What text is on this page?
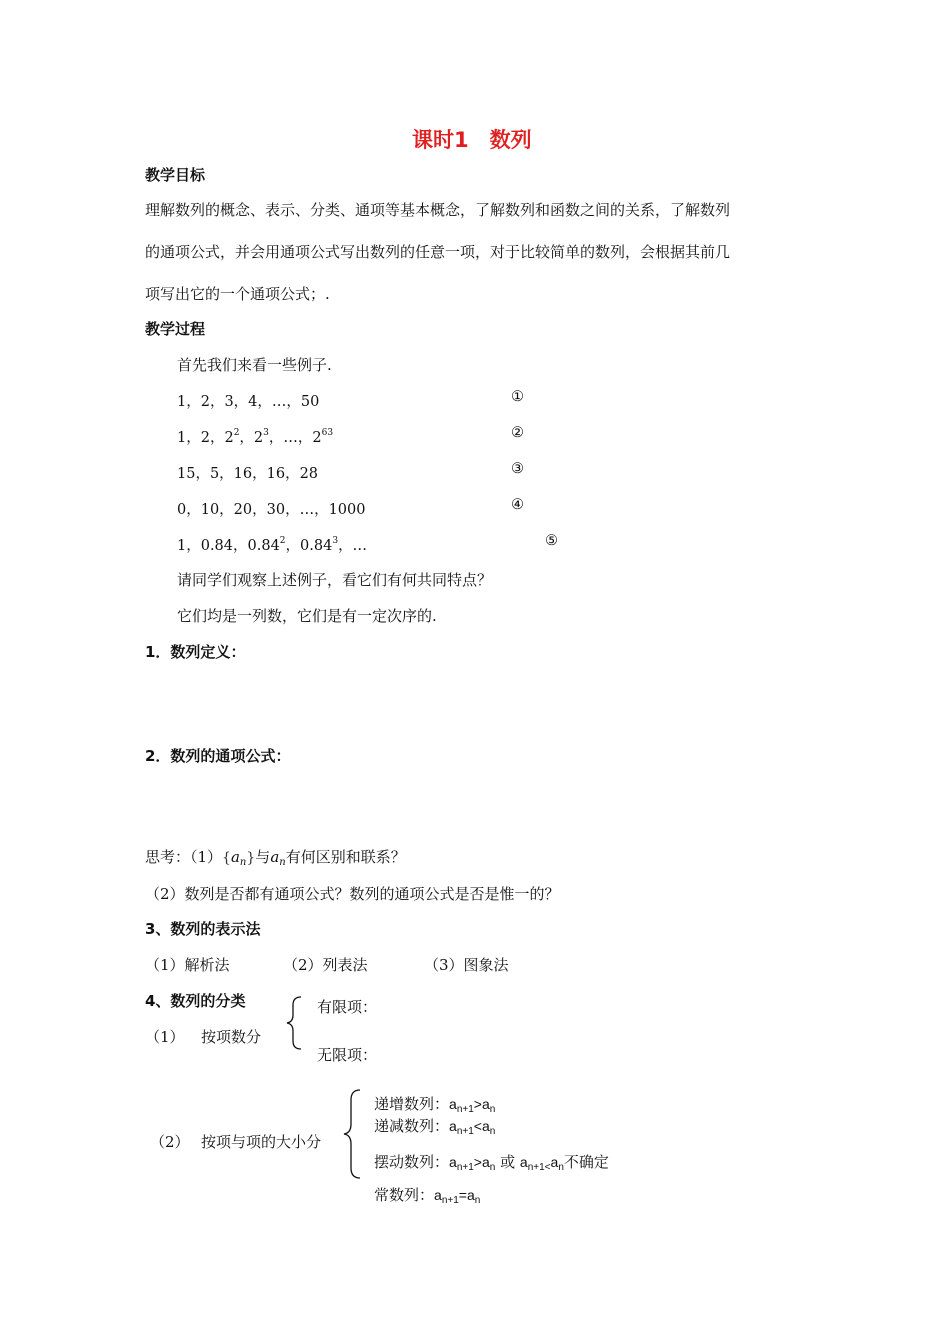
课时1　数列
教学目标
理解数列的概念、表示、分类、通项等基本概念，了解数列和函数之间的关系，了解数列
的通项公式，并会用通项公式写出数列的任意一项，对于比较简单的数列，会根据其前几
项写出它的一个通项公式；.
教学过程
首先我们来看一些例子.
1，2，3，4，…，50	①
1，2，$2^2$，$2^3$，…，$2^{63}$	②
15，5，16，16，28	③
0，10，20，30，…，1000	④
1，0.84，0.84$^2$，0.84$^3$，…	⑤
请同学们观察上述例子，看它们有何共同特点？
它们均是一列数，它们是有一定次序的.
1．数列定义：
2．数列的通项公式：
思考：$(1)\{a_n\}$与$a_n$有何区别和联系？
（2）数列是否都有通项公式？数列的通项公式是否是惟一的？
3、数列的表示法
（1）解析法	（2）列表法	（3）图象法
4、数列的分类
（1） 按项数分
有限项：
无限项：
（2） 按项与项的大小分
递增数列：$a_{n+1}>a_n$
递减数列：$a_{n+1}<a_n$
摆动数列：$a_{n+1}>a_n$ 或 $a_{n+1<}a_n$不确定
常数列：$a_{n+1}=a_n$
